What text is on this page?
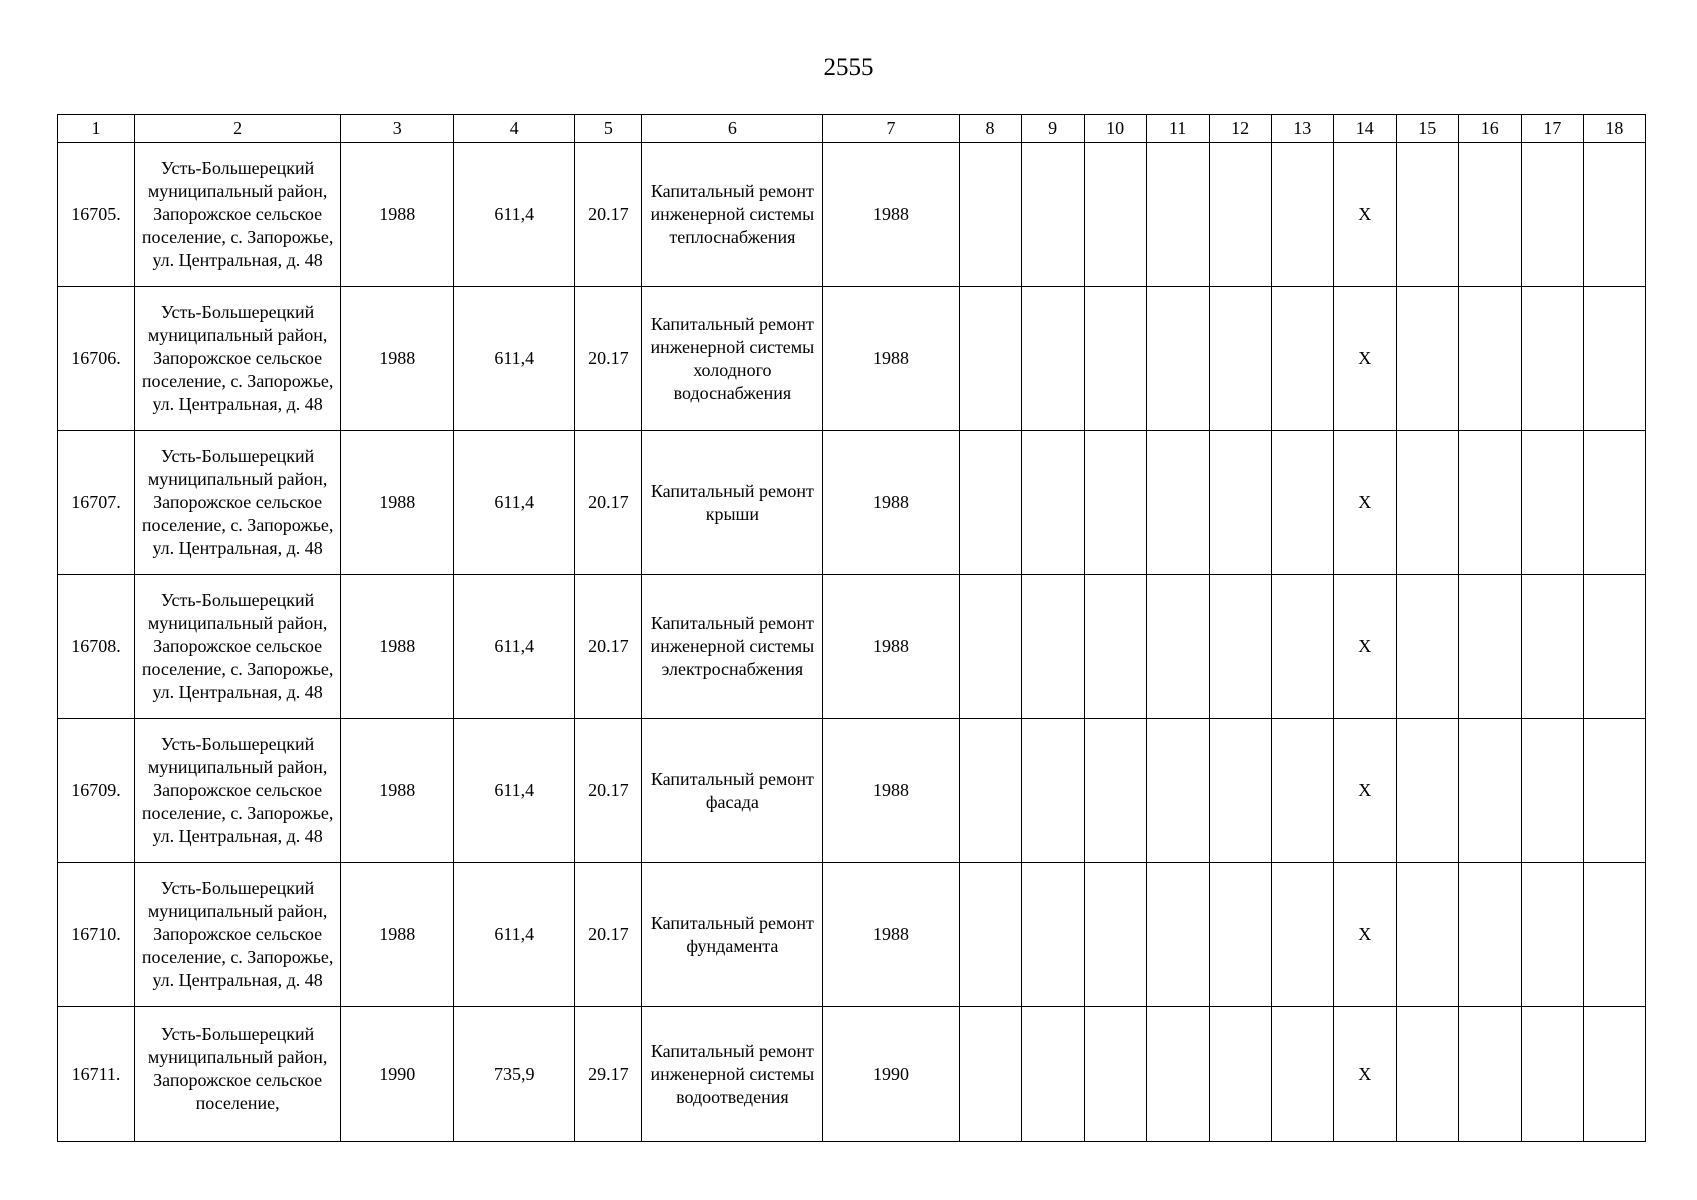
2555
1	2	3	4	5	6	7	8	9	10	11	12	13	14	15	16	17	18
16705.	Усть-Большерецкий муниципальный район, Запорожское сельское поселение, с. Запорожье, ул. Центральная, д. 48	1988	611,4	20.17	Капитальный ремонт инженерной системы теплоснабжения	1988							Х				
16706.	Усть-Большерецкий муниципальный район, Запорожское сельское поселение, с. Запорожье, ул. Центральная, д. 48	1988	611,4	20.17	Капитальный ремонт инженерной системы холодного водоснабжения	1988							Х				
16707.	Усть-Большерецкий муниципальный район, Запорожское сельское поселение, с. Запорожье, ул. Центральная, д. 48	1988	611,4	20.17	Капитальный ремонт крыши	1988							Х				
16708.	Усть-Большерецкий муниципальный район, Запорожское сельское поселение, с. Запорожье, ул. Центральная, д. 48	1988	611,4	20.17	Капитальный ремонт инженерной системы электроснабжения	1988							Х				
16709.	Усть-Большерецкий муниципальный район, Запорожское сельское поселение, с. Запорожье, ул. Центральная, д. 48	1988	611,4	20.17	Капитальный ремонт фасада	1988							Х				
16710.	Усть-Большерецкий муниципальный район, Запорожское сельское поселение, с. Запорожье, ул. Центральная, д. 48	1988	611,4	20.17	Капитальный ремонт фундамента	1988							Х				
16711.	Усть-Большерецкий муниципальный район, Запорожское сельское поселение,	1990	735,9	29.17	Капитальный ремонт инженерной системы водоотведения	1990							Х				
